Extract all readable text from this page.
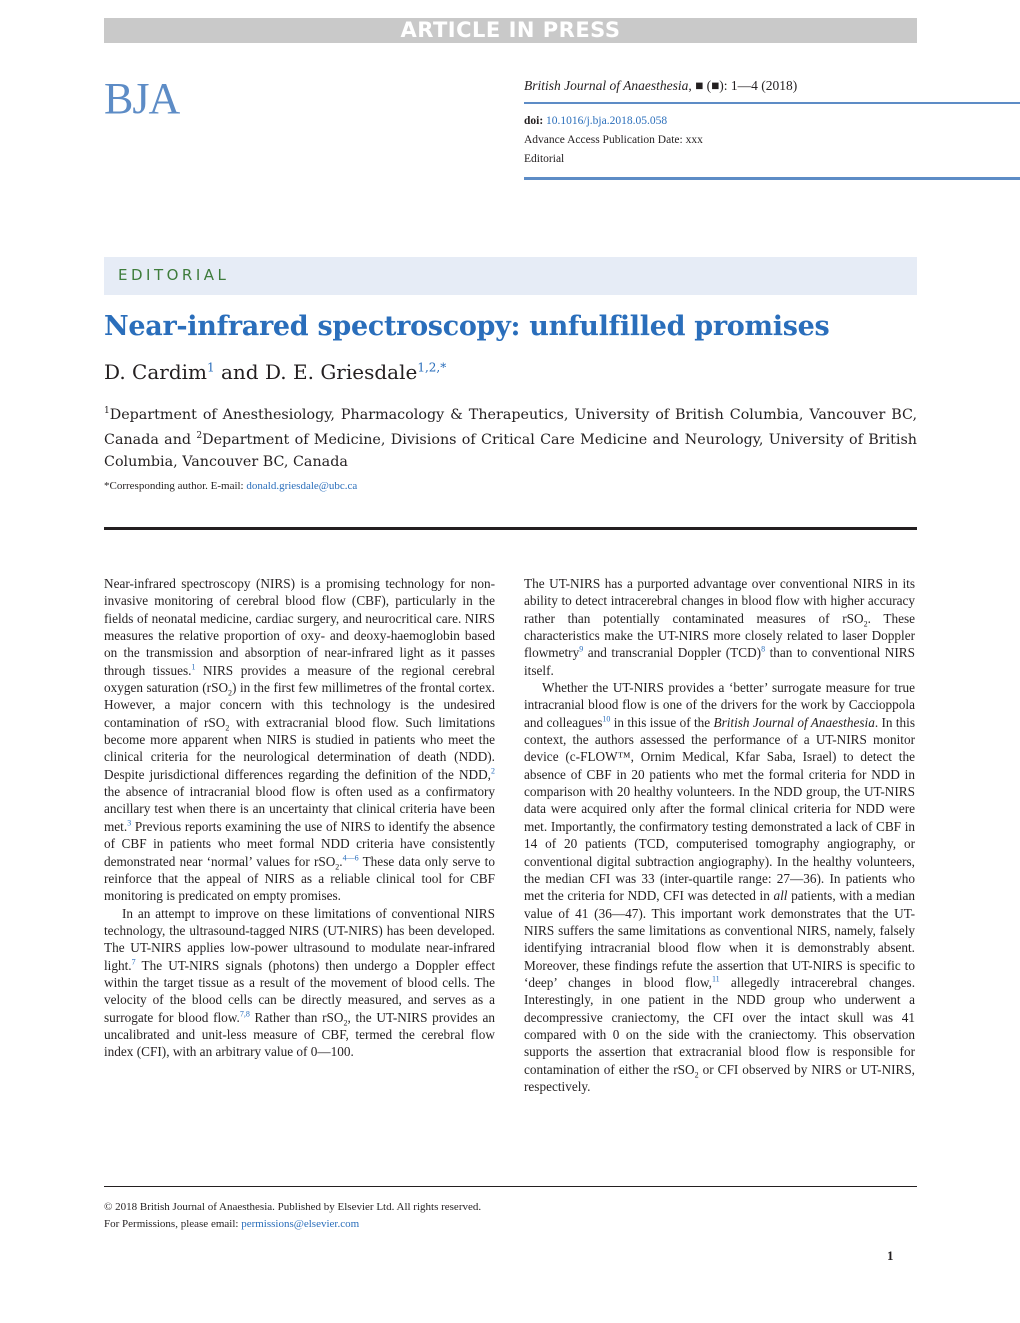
ARTICLE IN PRESS
BJA	British Journal of Anaesthesia, ■ (■): 1—4 (2018)
doi: 10.1016/j.bja.2018.05.058
Advance Access Publication Date: xxx
Editorial
EDITORIAL
Near-infrared spectroscopy: unfulfilled promises
D. Cardim$^1$ and D. E. Griesdale$^{1,2,*}$
$^1$Department of Anesthesiology, Pharmacology & Therapeutics, University of British Columbia, Vancouver BC, Canada and $^2$Department of Medicine, Divisions of Critical Care Medicine and Neurology, University of British Columbia, Vancouver BC, Canada
*Corresponding author. E-mail: donald.griesdale@ubc.ca

Near-infrared spectroscopy (NIRS) is a promising technology for non-invasive monitoring of cerebral blood flow (CBF), particularly in the fields of neonatal medicine, cardiac surgery, and neurocritical care. NIRS measures the relative proportion of oxy- and deoxy-haemoglobin based on the transmission and absorption of near-infrared light as it passes through tissues.$^1$ NIRS provides a measure of the regional cerebral oxygen saturation (rSO$_2$) in the first few millimetres of the frontal cortex. However, a major concern with this technology is the undesired contamination of rSO$_2$ with extracranial blood flow. Such limitations become more apparent when NIRS is studied in patients who meet the clinical criteria for the neurological determination of death (NDD). Despite jurisdictional differences regarding the definition of the NDD,$^2$ the absence of intracranial blood flow is often used as a confirmatory ancillary test when there is an uncertainty that clinical criteria have been met.$^3$ Previous reports examining the use of NIRS to identify the absence of CBF in patients who meet formal NDD criteria have consistently demonstrated near ‘normal’ values for rSO$_2$.$^{4—6}$ These data only serve to reinforce that the appeal of NIRS as a reliable clinical tool for CBF monitoring is predicated on empty promises.

In an attempt to improve on these limitations of conventional NIRS technology, the ultrasound-tagged NIRS (UT-NIRS) has been developed. The UT-NIRS applies low-power ultrasound to modulate near-infrared light.$^7$ The UT-NIRS signals (photons) then undergo a Doppler effect within the target tissue as a result of the movement of blood cells. The velocity of the blood cells can be directly measured, and serves as a surrogate for blood flow.$^{7,8}$ Rather than rSO$_2$, the UT-NIRS provides an uncalibrated and unit-less measure of CBF, termed the cerebral flow index (CFI), with an arbitrary value of 0—100.

The UT-NIRS has a purported advantage over conventional NIRS in its ability to detect intracerebral changes in blood flow with higher accuracy rather than potentially contaminated measures of rSO$_2$. These characteristics make the UT-NIRS more closely related to laser Doppler flowmetry$^9$ and transcranial Doppler (TCD)$^8$ than to conventional NIRS itself.

Whether the UT-NIRS provides a ‘better’ surrogate measure for true intracranial blood flow is one of the drivers for the work by Caccioppola and colleagues$^{10}$ in this issue of the British Journal of Anaesthesia. In this context, the authors assessed the performance of a UT-NIRS monitor device (c-FLOW™, Ornim Medical, Kfar Saba, Israel) to detect the absence of CBF in 20 patients who met the formal criteria for NDD in comparison with 20 healthy volunteers. In the NDD group, the UT-NIRS data were acquired only after the formal clinical criteria for NDD were met. Importantly, the confirmatory testing demonstrated a lack of CBF in 14 of 20 patients (TCD, computerised tomography angiography, or conventional digital subtraction angiography). In the healthy volunteers, the median CFI was 33 (inter-quartile range: 27—36). In patients who met the criteria for NDD, CFI was detected in all patients, with a median value of 41 (36—47). This important work demonstrates that the UT-NIRS suffers the same limitations as conventional NIRS, namely, falsely identifying intracranial blood flow when it is demonstrably absent. Moreover, these findings refute the assertion that UT-NIRS is specific to ‘deep’ changes in blood flow,$^{11}$ allegedly intracerebral changes. Interestingly, in one patient in the NDD group who underwent a decompressive craniectomy, the CFI over the intact skull was 41 compared with 0 on the side with the craniectomy. This observation supports the assertion that extracranial blood flow is responsible for contamination of either the rSO$_2$ or CFI observed by NIRS or UT-NIRS, respectively.

© 2018 British Journal of Anaesthesia. Published by Elsevier Ltd. All rights reserved.
For Permissions, please email: permissions@elsevier.com
1
